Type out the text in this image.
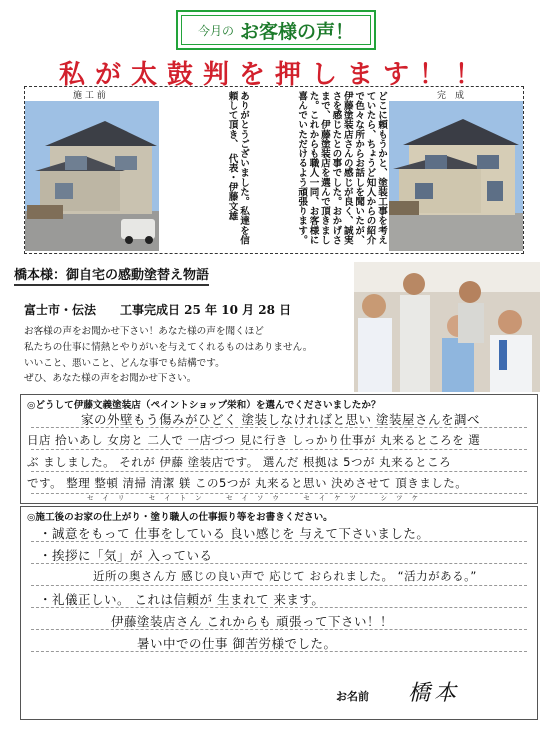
今月の お客様の声！
私が太鼓判を押します！！
施 工 前	ありがとうございました。私達を信頼して頂き、　代表・伊藤文雄　　　　　　　　　　　　　　　　　　　　　　　　　　　　　　　　　　　　　　
どこに頼もうかと、塗装工事を考えていたら、ちょうど知人からの紹介で色々な所からお話しを聞いたが、伊藤塗装店さんの感じが良く、誠実さを感じたとの事でした。おかげさまで、伊藤塗装店を選んで頂きました。これからも職人一同、お客様に喜んでいただけるよう頑張ります。	完　成
橋本様：御自宅の感動塗替え物語
富士市・伝法　　工事完成日 25 年 10 月 28 日
お客様の声をお聞かせ下さい！あなた様の声を聞くほど
私たちの仕事に情熱とやりがいを与えてくれるものはありません。
いいこと、悪いこと、どんな事でも結構です。
ぜひ、あなた様の声をお聞かせ下さい。
◎どうして伊藤文義塗装店（ペイントショップ栄和）を選んでくださいましたか？
家の外壁もう傷みがひどく 塗装しなければと思い 塗装屋さんを調べ
日店 拾いあし 女房と 二人で 一店づつ 見に行き しっかり仕事が 丸来るところを 選
ぶ ましました。 それが 伊藤 塗装店です。 選んだ 根拠は 5つが 丸来るところ
です。 整理 整頓 清掃 清潔 躾 この5つが 丸来ると思い 決めさせて 頂きました。
セイリ　セイトン　セイソウ　セイケツ　シツケ
◎施工後のお家の仕上がり・塗り職人の仕事振り等をお書きください。
・誠意をもって 仕事をしている 良い感じを 与えて下さいました。
・挨拶に「気」が 入っている
近所の奥さん方 感じの良い声で 応じて おられました。 “活力がある。”
・礼儀正しい。 これは信頼が 生まれて 来ます。
伊藤塗装店さん これからも 頑張って下さい！！
暑い中での仕事 御苦労様でした。
お名前 橋本
